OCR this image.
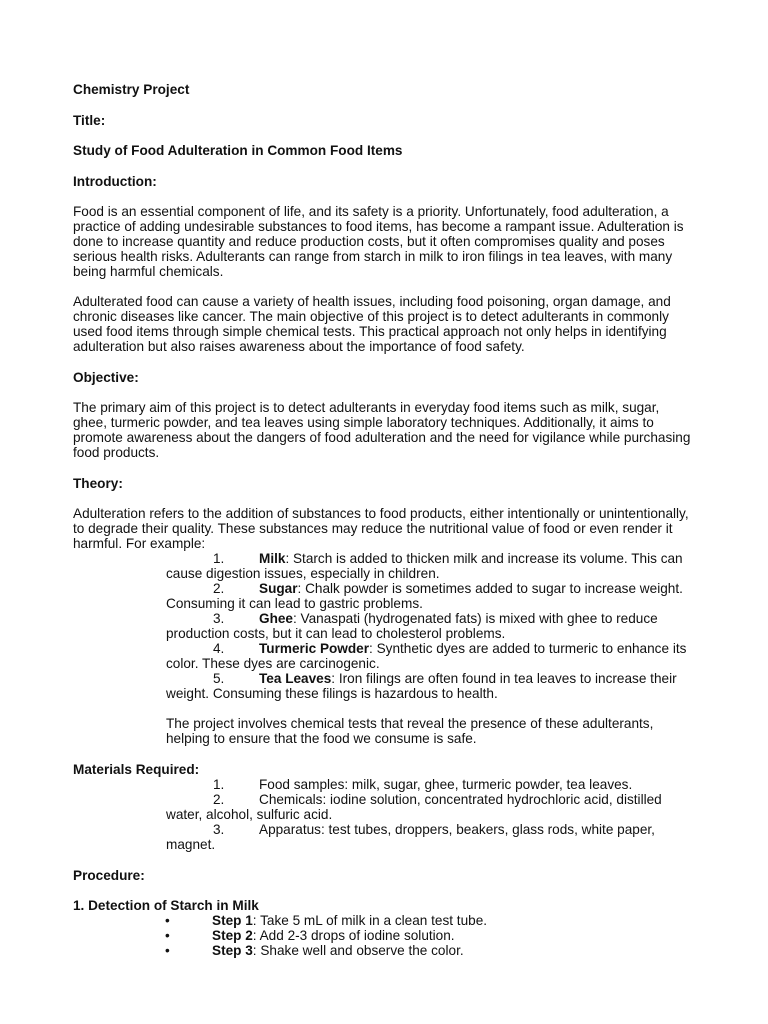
Chemistry Project

Title:

Study of Food Adulteration in Common Food Items

Introduction:

Food is an essential component of life, and its safety is a priority. Unfortunately, food adulteration, a practice of adding undesirable substances to food items, has become a rampant issue. Adulteration is done to increase quantity and reduce production costs, but it often compromises quality and poses serious health risks. Adulterants can range from starch in milk to iron filings in tea leaves, with many being harmful chemicals.

Adulterated food can cause a variety of health issues, including food poisoning, organ damage, and chronic diseases like cancer. The main objective of this project is to detect adulterants in commonly used food items through simple chemical tests. This practical approach not only helps in identifying adulteration but also raises awareness about the importance of food safety.

Objective:

The primary aim of this project is to detect adulterants in everyday food items such as milk, sugar, ghee, turmeric powder, and tea leaves using simple laboratory techniques. Additionally, it aims to promote awareness about the dangers of food adulteration and the need for vigilance while purchasing food products.

Theory:

Adulteration refers to the addition of substances to food products, either intentionally or unintentionally, to degrade their quality. These substances may reduce the nutritional value of food or even render it harmful. For example:

1.	Milk: Starch is added to thicken milk and increase its volume. This can cause digestion issues, especially in children.

2.	Sugar: Chalk powder is sometimes added to sugar to increase weight. Consuming it can lead to gastric problems.

3.	Ghee: Vanaspati (hydrogenated fats) is mixed with ghee to reduce production costs, but it can lead to cholesterol problems.

4.	Turmeric Powder: Synthetic dyes are added to turmeric to enhance its color. These dyes are carcinogenic.

5.	Tea Leaves: Iron filings are often found in tea leaves to increase their weight. Consuming these filings is hazardous to health.

The project involves chemical tests that reveal the presence of these adulterants, helping to ensure that the food we consume is safe.

Materials Required:

1.	Food samples: milk, sugar, ghee, turmeric powder, tea leaves.

2.	Chemicals: iodine solution, concentrated hydrochloric acid, distilled water, alcohol, sulfuric acid.

3.	Apparatus: test tubes, droppers, beakers, glass rods, white paper, magnet.

Procedure:

1. Detection of Starch in Milk

•	Step 1: Take 5 mL of milk in a clean test tube.

•	Step 2: Add 2-3 drops of iodine solution.

•	Step 3: Shake well and observe the color.
